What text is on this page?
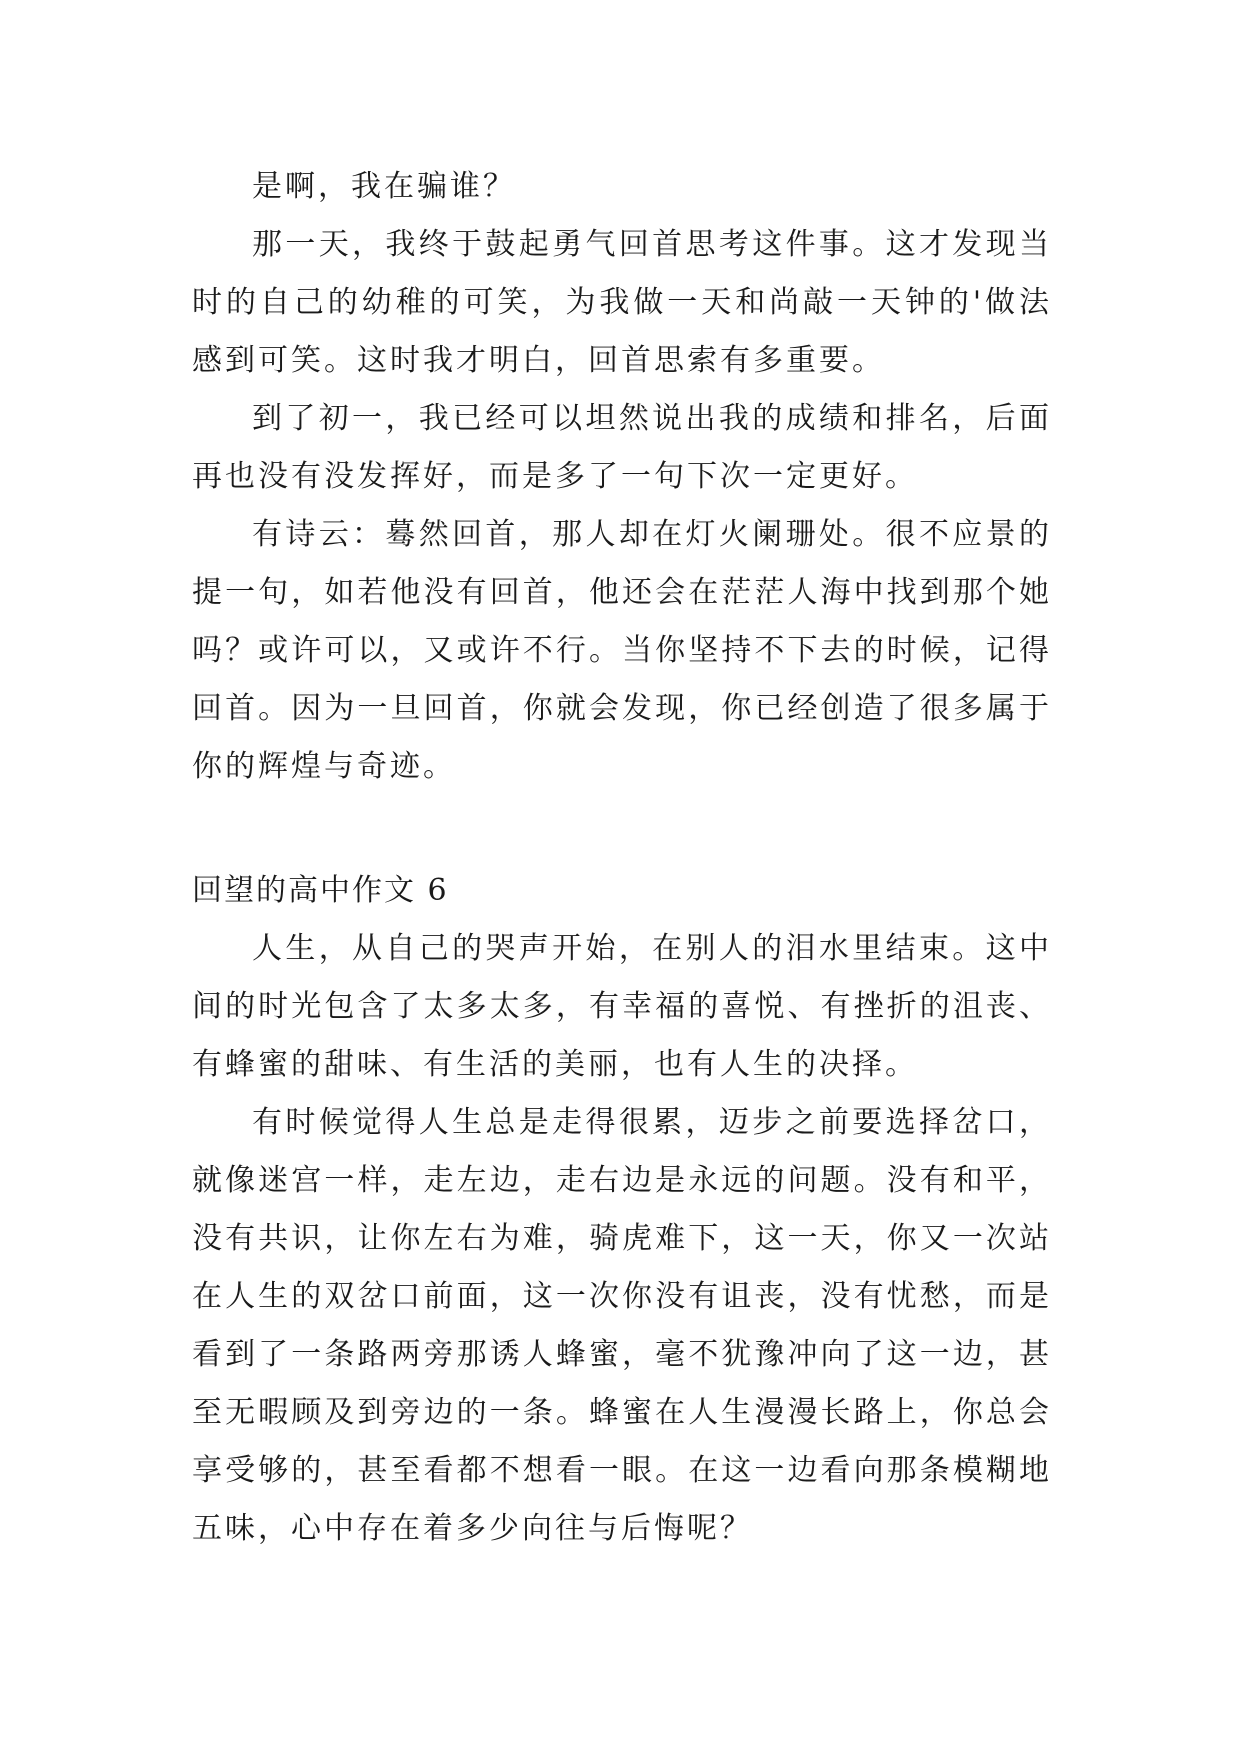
是啊，我在骗谁？

那一天，我终于鼓起勇气回首思考这件事。这才发现当时的自己的幼稚的可笑，为我做一天和尚敲一天钟的'做法感到可笑。这时我才明白，回首思索有多重要。

到了初一，我已经可以坦然说出我的成绩和排名，后面再也没有没发挥好，而是多了一句下次一定更好。

有诗云：蓦然回首，那人却在灯火阑珊处。很不应景的提一句，如若他没有回首，他还会在茫茫人海中找到那个她吗？或许可以，又或许不行。当你坚持不下去的时候，记得回首。因为一旦回首，你就会发现，你已经创造了很多属于你的辉煌与奇迹。

回望的高中作文 6

人生，从自己的哭声开始，在别人的泪水里结束。这中间的时光包含了太多太多，有幸福的喜悦、有挫折的沮丧、有蜂蜜的甜味、有生活的美丽，也有人生的决择。

有时候觉得人生总是走得很累，迈步之前要选择岔口，就像迷宫一样，走左边，走右边是永远的问题。没有和平，没有共识，让你左右为难，骑虎难下，这一天，你又一次站在人生的双岔口前面，这一次你没有诅丧，没有忧愁，而是看到了一条路两旁那诱人蜂蜜，毫不犹豫冲向了这一边，甚至无暇顾及到旁边的一条。蜂蜜在人生漫漫长路上，你总会享受够的，甚至看都不想看一眼。在这一边看向那条模糊地五味，心中存在着多少向往与后悔呢？
